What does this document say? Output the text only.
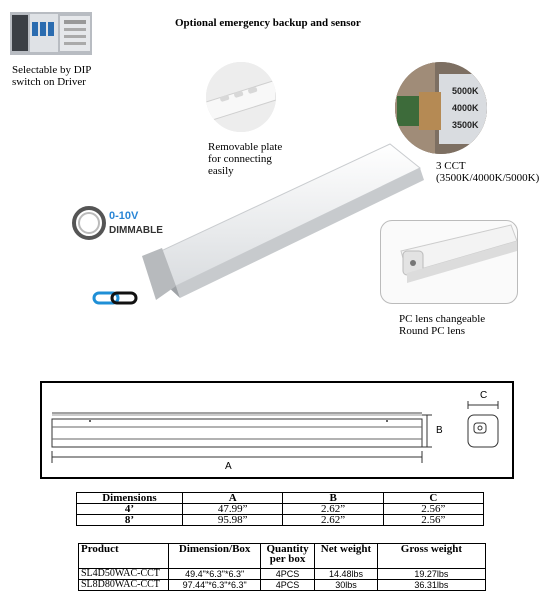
Optional emergency backup and sensor
Selectable by DIP
switch on Driver
Removable plate
for connecting
easily
5000K
4000K
3500K
3 CCT
(3500K/4000K/5000K)
0-10V
DIMMABLE
PC lens changeable
Round PC lens
A
B
C
Dimensions	A	B	C
4’	47.99”	2.62”	2.56”
8’	95.98”	2.62”	2.56”
Product	Dimension/Box	Quantity per box	Net weight	Gross weight
SL4D50WAC-CCT	49.4"*6.3"*6.3"	4PCS	14.48lbs	19.27lbs
SL8D80WAC-CCT	97.44"*6.3"*6.3"	4PCS	30lbs	36.31lbs
